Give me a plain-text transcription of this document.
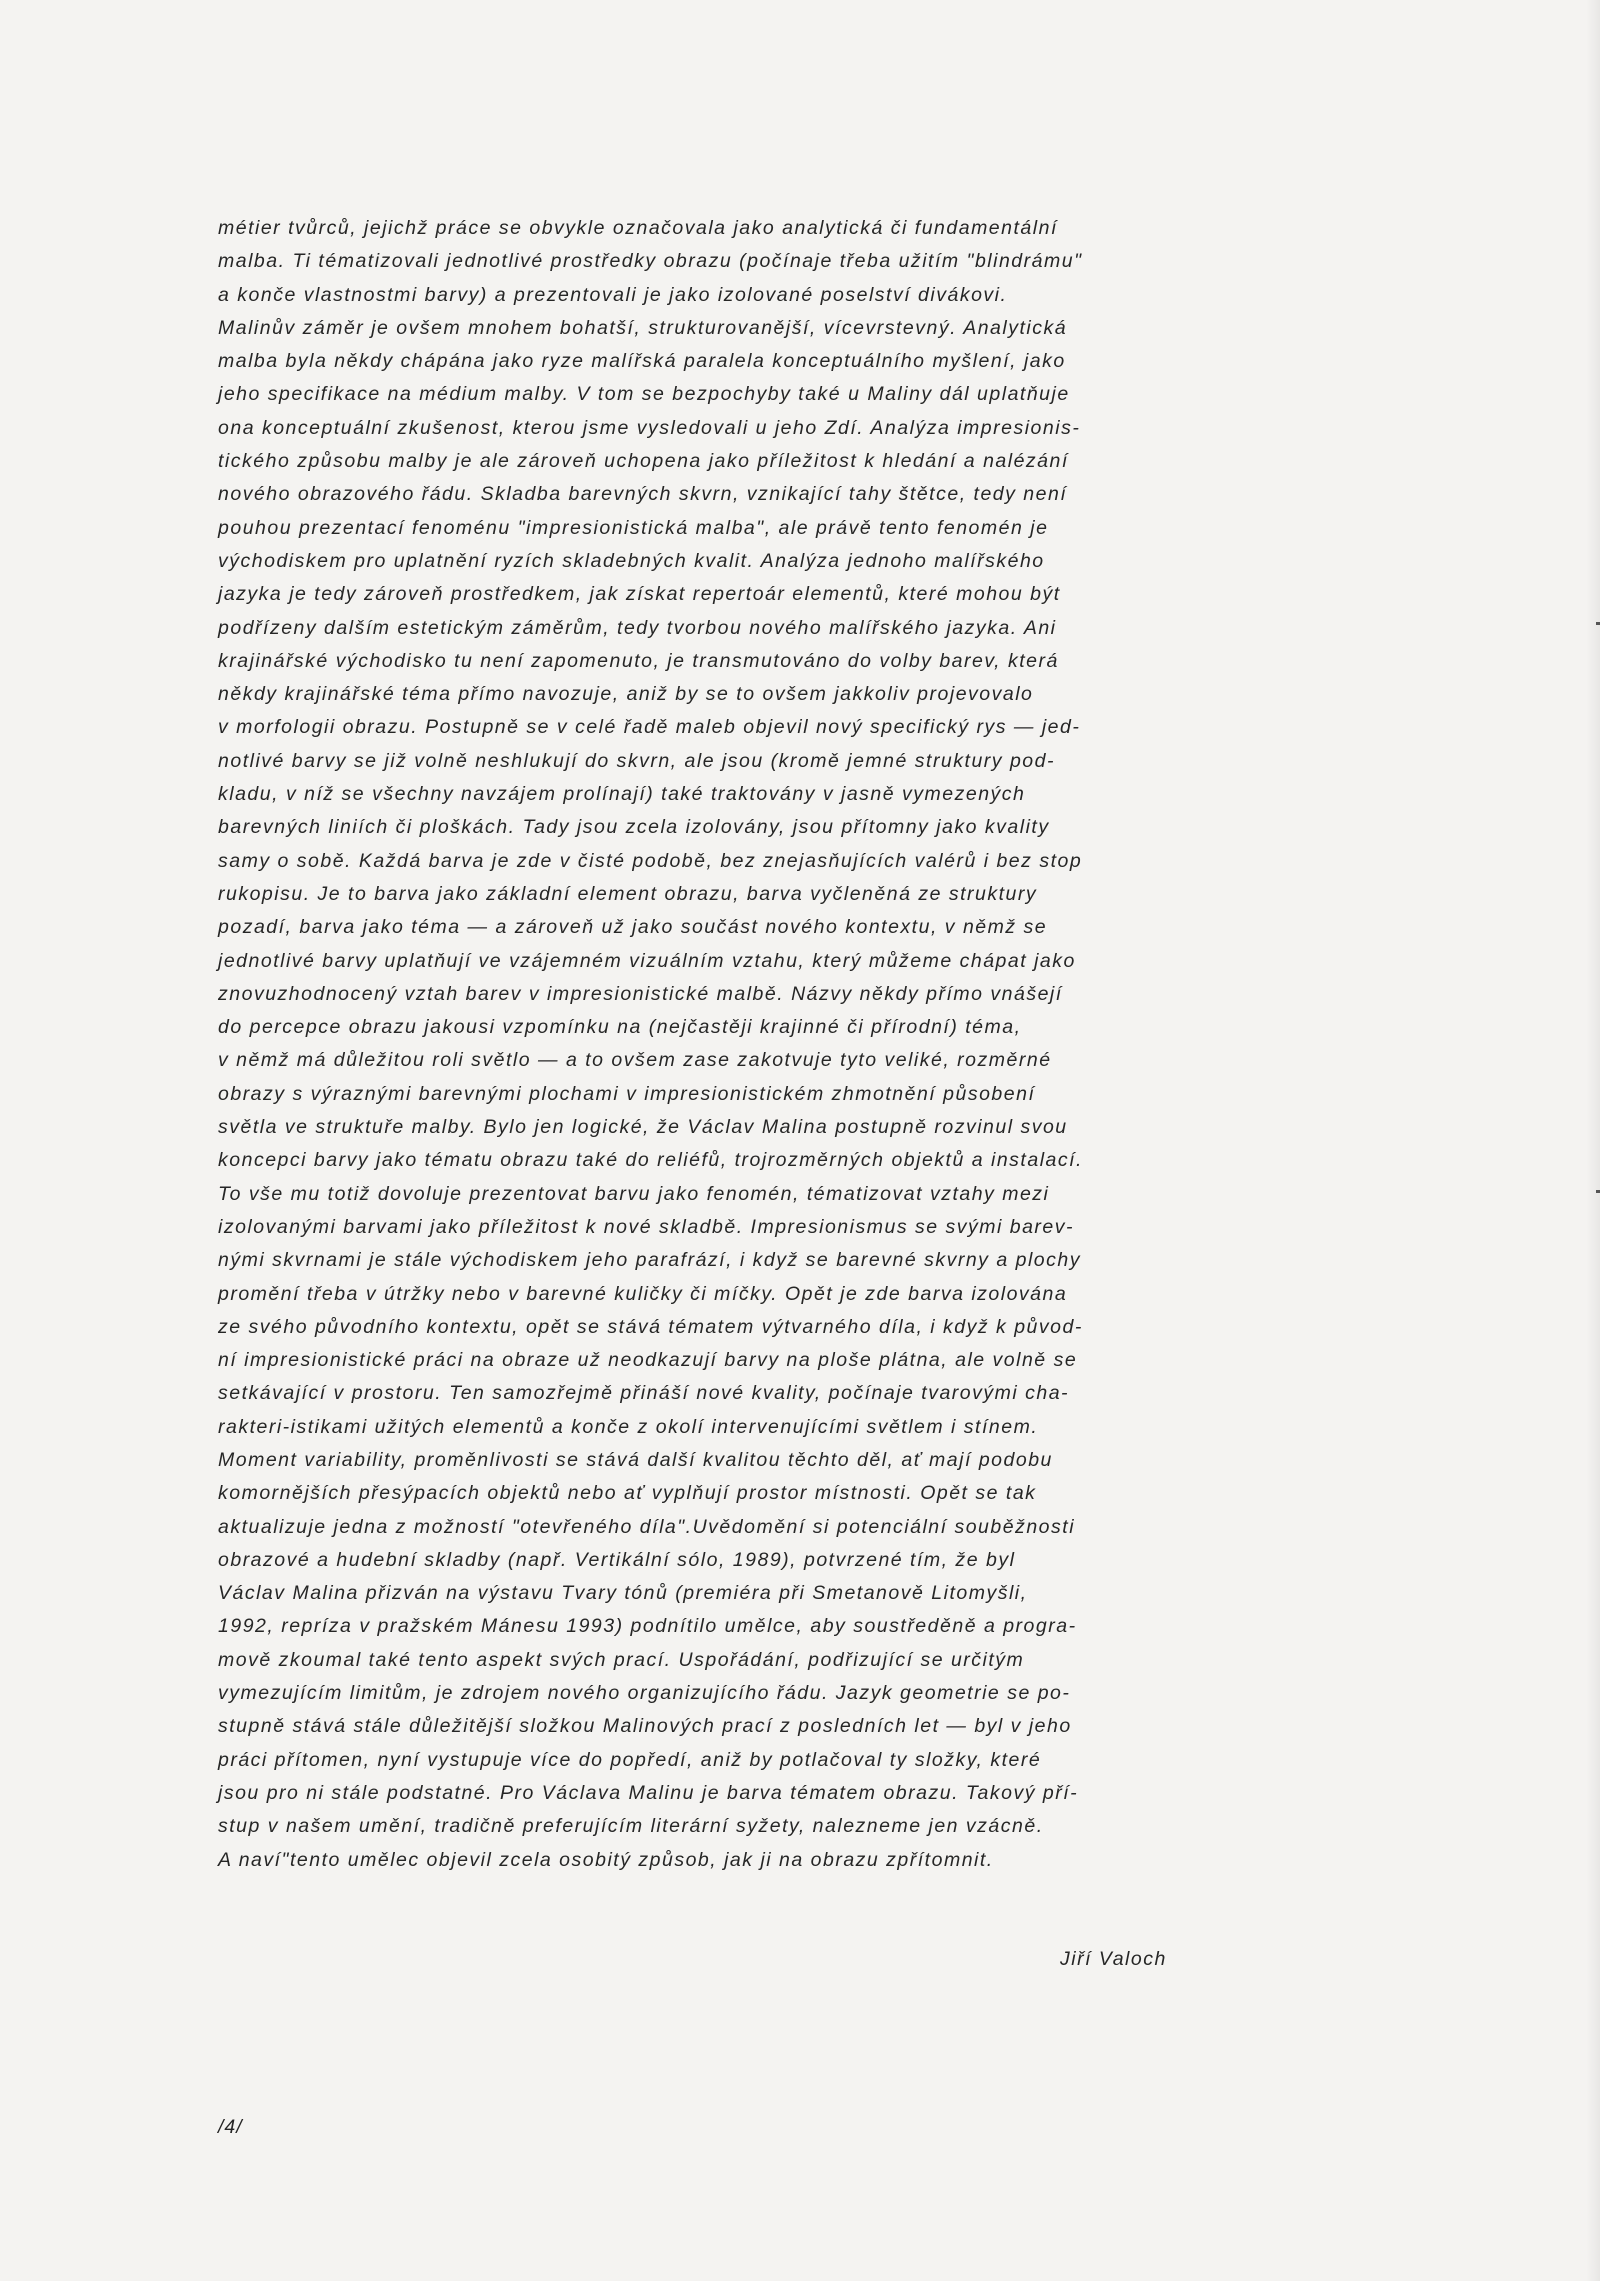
métier tvůrců, jejichž práce se obvykle označovala jako analytická či fundamentální
malba. Ti tématizovali jednotlivé prostředky obrazu (počínaje třeba užitím "blindrámu"
a konče vlastnostmi barvy) a prezentovali je jako izolované poselství divákovi.
Malinův záměr je ovšem mnohem bohatší, strukturovanější, vícevrstevný. Analytická
malba byla někdy chápána jako ryze malířská paralela konceptuálního myšlení, jako
jeho specifikace na médium malby. V tom se bezpochyby také u Maliny dál uplatňuje
ona konceptuální zkušenost, kterou jsme vysledovali u jeho Zdí. Analýza impresionis-
tického způsobu malby je ale zároveň uchopena jako příležitost k hledání a nalézání
nového obrazového řádu. Skladba barevných skvrn, vznikající tahy štětce, tedy není
pouhou prezentací fenoménu "impresionistická malba", ale právě tento fenomén je
východiskem pro uplatnění ryzích skladebných kvalit. Analýza jednoho malířského
jazyka je tedy zároveň prostředkem, jak získat repertoár elementů, které mohou být
podřízeny dalším estetickým záměrům, tedy tvorbou nového malířského jazyka. Ani
krajinářské východisko tu není zapomenuto, je transmutováno do volby barev, která
někdy krajinářské téma přímo navozuje, aniž by se to ovšem jakkoliv projevovalo
v morfologii obrazu. Postupně se v celé řadě maleb objevil nový specifický rys — jed-
notlivé barvy se již volně neshlukují do skvrn, ale jsou (kromě jemné struktury pod-
kladu, v níž se všechny navzájem prolínají) také traktovány v jasně vymezených
barevných liniích či ploškách. Tady jsou zcela izolovány, jsou přítomny jako kvality
samy o sobě. Každá barva je zde v čisté podobě, bez znejasňujících valérů i bez stop
rukopisu. Je to barva jako základní element obrazu, barva vyčleněná ze struktury
pozadí, barva jako téma — a zároveň už jako součást nového kontextu, v němž se
jednotlivé barvy uplatňují ve vzájemném vizuálním vztahu, který můžeme chápat jako
znovuzhodnocený vztah barev v impresionistické malbě. Názvy někdy přímo vnášejí
do percepce obrazu jakousi vzpomínku na (nejčastěji krajinné či přírodní) téma,
v němž má důležitou roli světlo — a to ovšem zase zakotvuje tyto veliké, rozměrné
obrazy s výraznými barevnými plochami v impresionistickém zhmotnění působení
světla ve struktuře malby. Bylo jen logické, že Václav Malina postupně rozvinul svou
koncepci barvy jako tématu obrazu také do reliéfů, trojrozměrných objektů a instalací.
To vše mu totiž dovoluje prezentovat barvu jako fenomén, tématizovat vztahy mezi
izolovanými barvami jako příležitost k nové skladbě. Impresionismus se svými barev-
nými skvrnami je stále východiskem jeho parafrází, i když se barevné skvrny a plochy
promění třeba v útržky nebo v barevné kuličky či míčky. Opět je zde barva izolována
ze svého původního kontextu, opět se stává tématem výtvarného díla, i když k původ-
ní impresionistické práci na obraze už neodkazují barvy na ploše plátna, ale volně se
setkávající v prostoru. Ten samozřejmě přináší nové kvality, počínaje tvarovými cha-
rakteri-istikami užitých elementů a konče z okolí intervenujícími světlem i stínem.
Moment variability, proměnlivosti se stává další kvalitou těchto děl, ať mají podobu
komornějších přesýpacích objektů nebo ať vyplňují prostor místnosti. Opět se tak
aktualizuje jedna z možností "otevřeného díla".Uvědomění si potenciální souběžnosti
obrazové a hudební skladby (např. Vertikální sólo, 1989), potvrzené tím, že byl
Václav Malina přizván na výstavu Tvary tónů (premiéra při Smetanově Litomyšli,
1992, repríza v pražském Mánesu 1993) podnítilo umělce, aby soustředěně a progra-
mově zkoumal také tento aspekt svých prací. Uspořádání, podřizující se určitým
vymezujícím limitům, je zdrojem nového organizujícího řádu. Jazyk geometrie se po-
stupně stává stále důležitější složkou Malinových prací z posledních let — byl v jeho
práci přítomen, nyní vystupuje více do popředí, aniž by potlačoval ty složky, které
jsou pro ni stále podstatné. Pro Václava Malinu je barva tématem obrazu. Takový pří-
stup v našem umění, tradičně preferujícím literární syžety, nalezneme jen vzácně.
A naví"tento umělec objevil zcela osobitý způsob, jak ji na obrazu zpřítomnit.
Jiří Valoch
/4/
